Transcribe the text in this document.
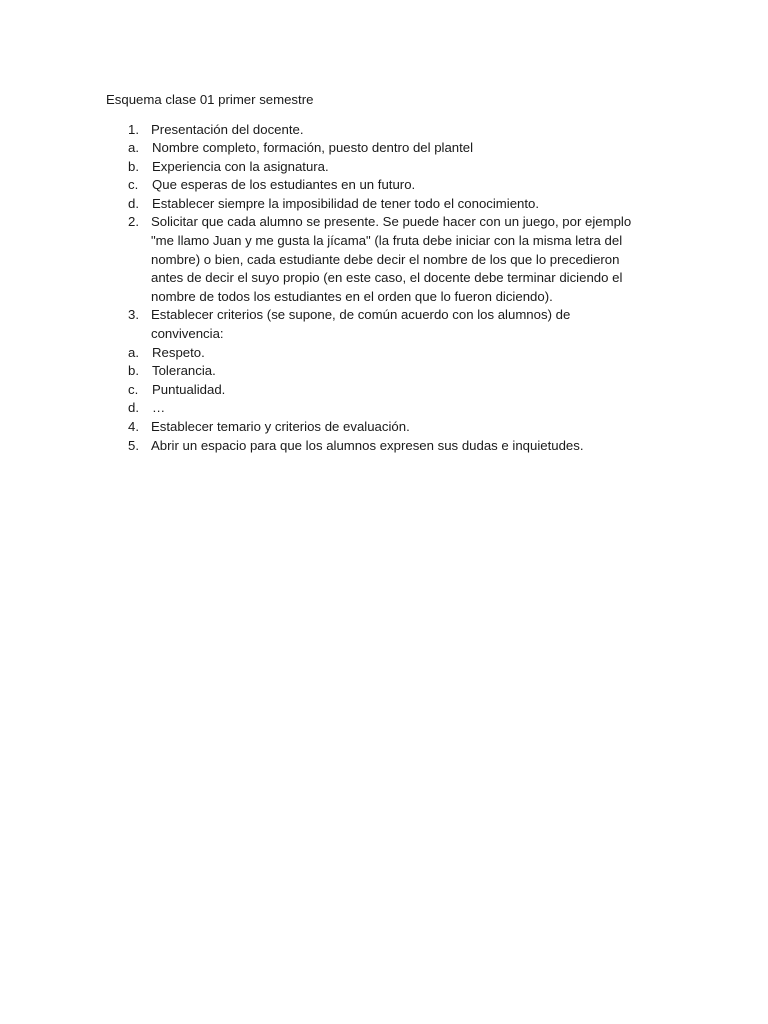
Esquema clase 01 primer semestre
1. Presentación del docente.
a. Nombre completo, formación, puesto dentro del plantel
b. Experiencia con la asignatura.
c. Que esperas de los estudiantes en un futuro.
d. Establecer siempre la imposibilidad de tener todo el conocimiento.
2. Solicitar que cada alumno se presente. Se puede hacer con un juego, por ejemplo "me llamo Juan y me gusta la jícama" (la fruta debe iniciar con la misma letra del nombre) o bien, cada estudiante debe decir el nombre de los que lo precedieron antes de decir el suyo propio (en este caso, el docente debe terminar diciendo el nombre de todos los estudiantes en el orden que lo fueron diciendo).
3. Establecer criterios (se supone, de común acuerdo con los alumnos) de convivencia:
a. Respeto.
b. Tolerancia.
c. Puntualidad.
d. …
4. Establecer temario y criterios de evaluación.
5. Abrir un espacio para que los alumnos expresen sus dudas e inquietudes.
